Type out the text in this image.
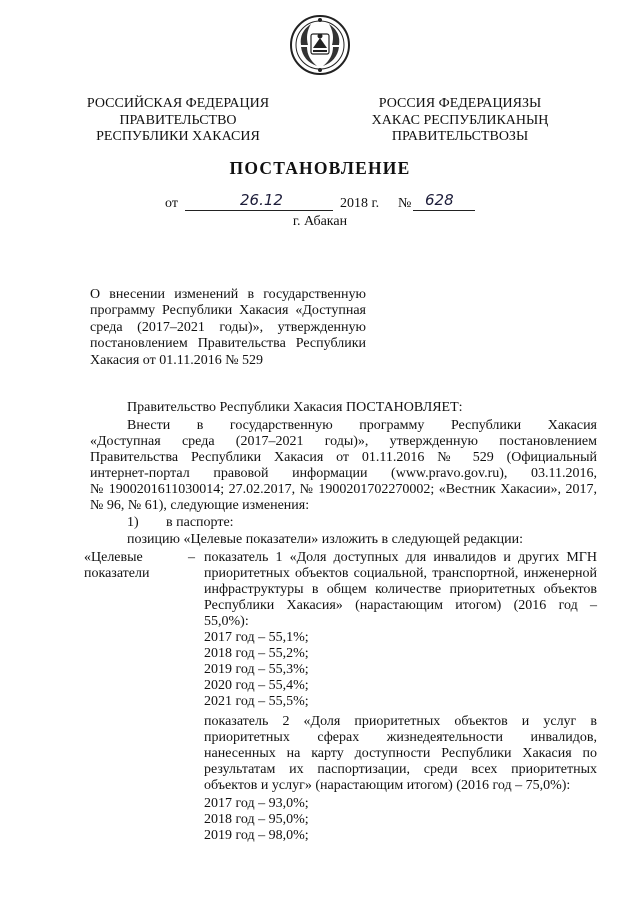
РОССИЙСКАЯ ФЕДЕРАЦИЯ
ПРАВИТЕЛЬСТВО
РЕСПУБЛИКИ ХАКАСИЯ
РОССИЯ ФЕДЕРАЦИЯЗЫ
ХАКАС РЕСПУБЛИКАНЫҢ
ПРАВИТЕЛЬСТВОЗЫ
ПОСТАНОВЛЕНИЕ
от	26.12	2018 г. № 628
г. Абакан
О внесении изменений в государственную программу Республики Хакасия «Доступная среда (2017–2021 годы)», утвержденную постановлением Правительства Республики Хакасия от 01.11.2016 № 529
Правительство Республики Хакасия ПОСТАНОВЛЯЕТ:
Внести в государственную программу Республики Хакасия
«Доступная среда (2017–2021 годы)», утвержденную постановлением
Правительства Республики Хакасия от 01.11.2016 № 529 (Официальный
интернет-портал правовой информации (www.pravo.gov.ru), 03.11.2016,
№ 1900201611030014; 27.02.2017, № 1900201702270002; «Вестник Хакасии», 2017,
№ 96, № 61), следующие изменения:
1) в паспорте:
позицию «Целевые показатели» изложить в следующей редакции:
«Целевые
показатели
– показатель 1 «Доля доступных для инвалидов и других МГН
приоритетных объектов социальной, транспортной, инженерной
инфраструктуры в общем количестве приоритетных объектов
Республики Хакасия» (нарастающим итогом) (2016 год –
55,0%):
2017 год – 55,1%;
2018 год – 55,2%;
2019 год – 55,3%;
2020 год – 55,4%;
2021 год – 55,5%;
показатель 2 «Доля приоритетных объектов и услуг в
приоритетных сферах жизнедеятельности инвалидов,
нанесенных на карту доступности Республики Хакасия по
результатам их паспортизации, среди всех приоритетных
объектов и услуг» (нарастающим итогом) (2016 год – 75,0%):
2017 год – 93,0%;
2018 год – 95,0%;
2019 год – 98,0%;
